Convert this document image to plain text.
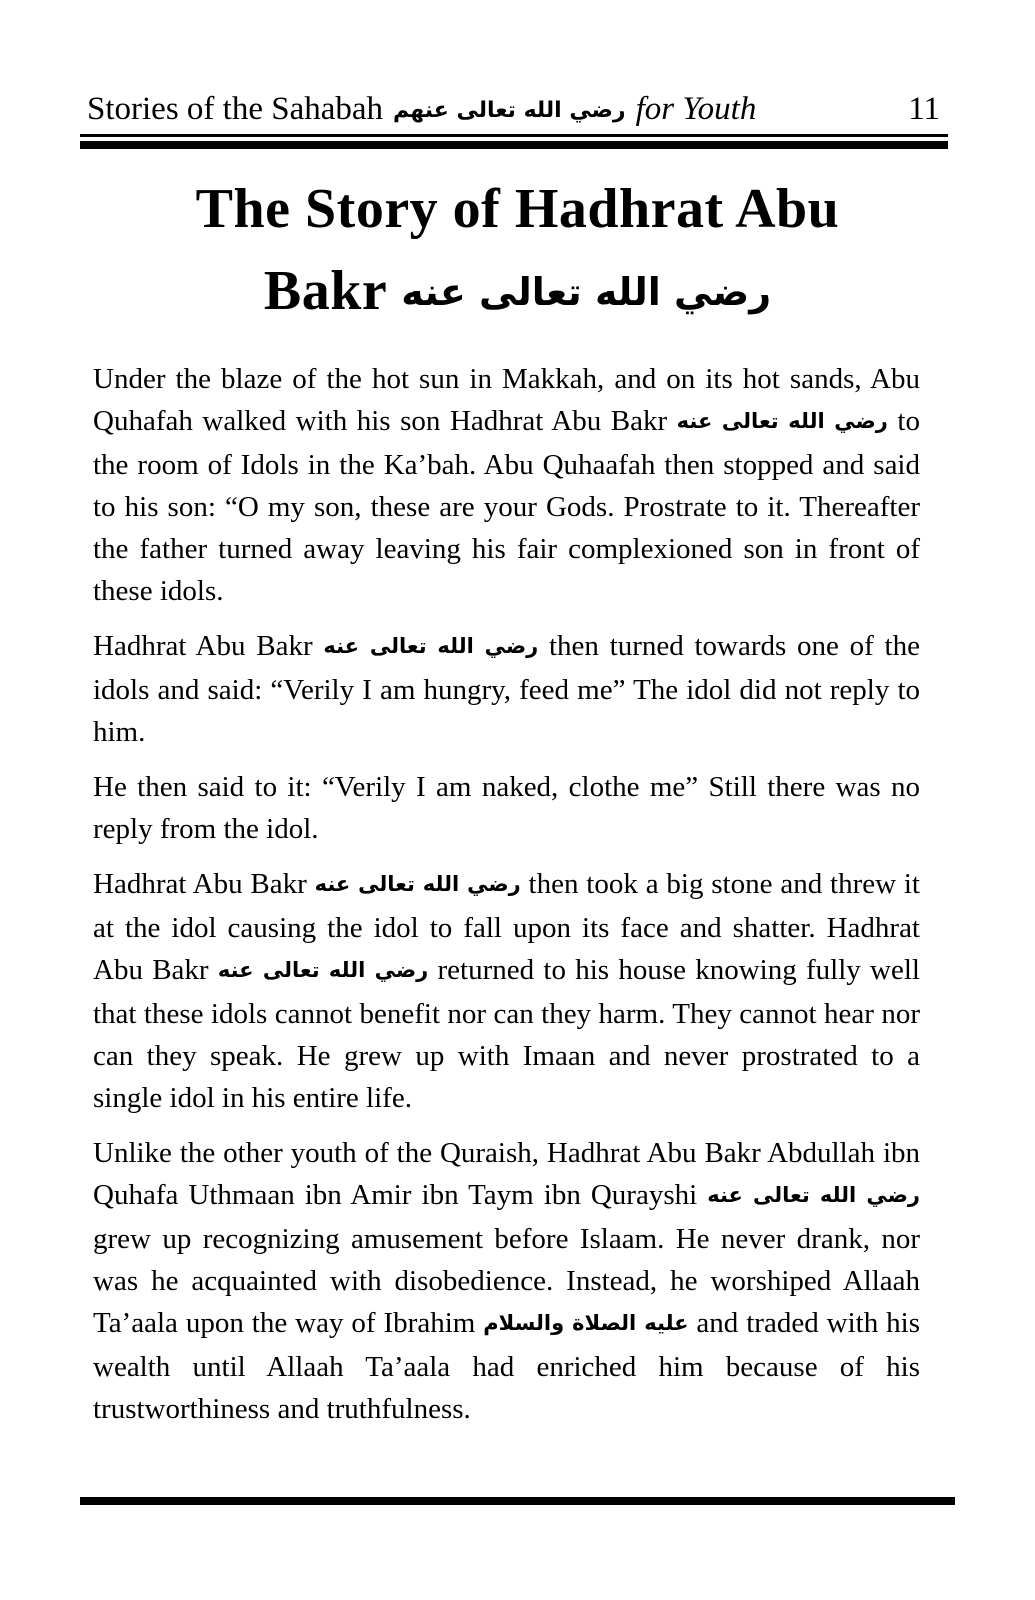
Stories of the Sahabah رضي الله تعالى عنهم for Youth	11
The Story of Hadhrat Abu
Bakr رضي الله تعالى عنه

Under the blaze of the hot sun in Makkah, and on its hot sands, Abu Quhafah walked with his son Hadhrat Abu Bakr رضي الله تعالى عنه to the room of Idols in the Ka’bah. Abu Quhaafah then stopped and said to his son: “O my son, these are your Gods. Prostrate to it. Thereafter the father turned away leaving his fair complexioned son in front of these idols.

Hadhrat Abu Bakr رضي الله تعالى عنه then turned towards one of the idols and said: “Verily I am hungry, feed me” The idol did not reply to him.

He then said to it: “Verily I am naked, clothe me” Still there was no reply from the idol.

Hadhrat Abu Bakr رضي الله تعالى عنه then took a big stone and threw it at the idol causing the idol to fall upon its face and shatter. Hadhrat Abu Bakr رضي الله تعالى عنه returned to his house knowing fully well that these idols cannot benefit nor can they harm. They cannot hear nor can they speak. He grew up with Imaan and never prostrated to a single idol in his entire life.

Unlike the other youth of the Quraish, Hadhrat Abu Bakr Abdullah ibn Quhafa Uthmaan ibn Amir ibn Taym ibn Qurayshi رضي الله تعالى عنه grew up recognizing amusement before Islaam. He never drank, nor was he acquainted with disobedience. Instead, he worshiped Allaah Ta’aala upon the way of Ibrahim عليه الصلاة والسلام and traded with his wealth until Allaah Ta’aala had enriched him because of his trustworthiness and truthfulness.
